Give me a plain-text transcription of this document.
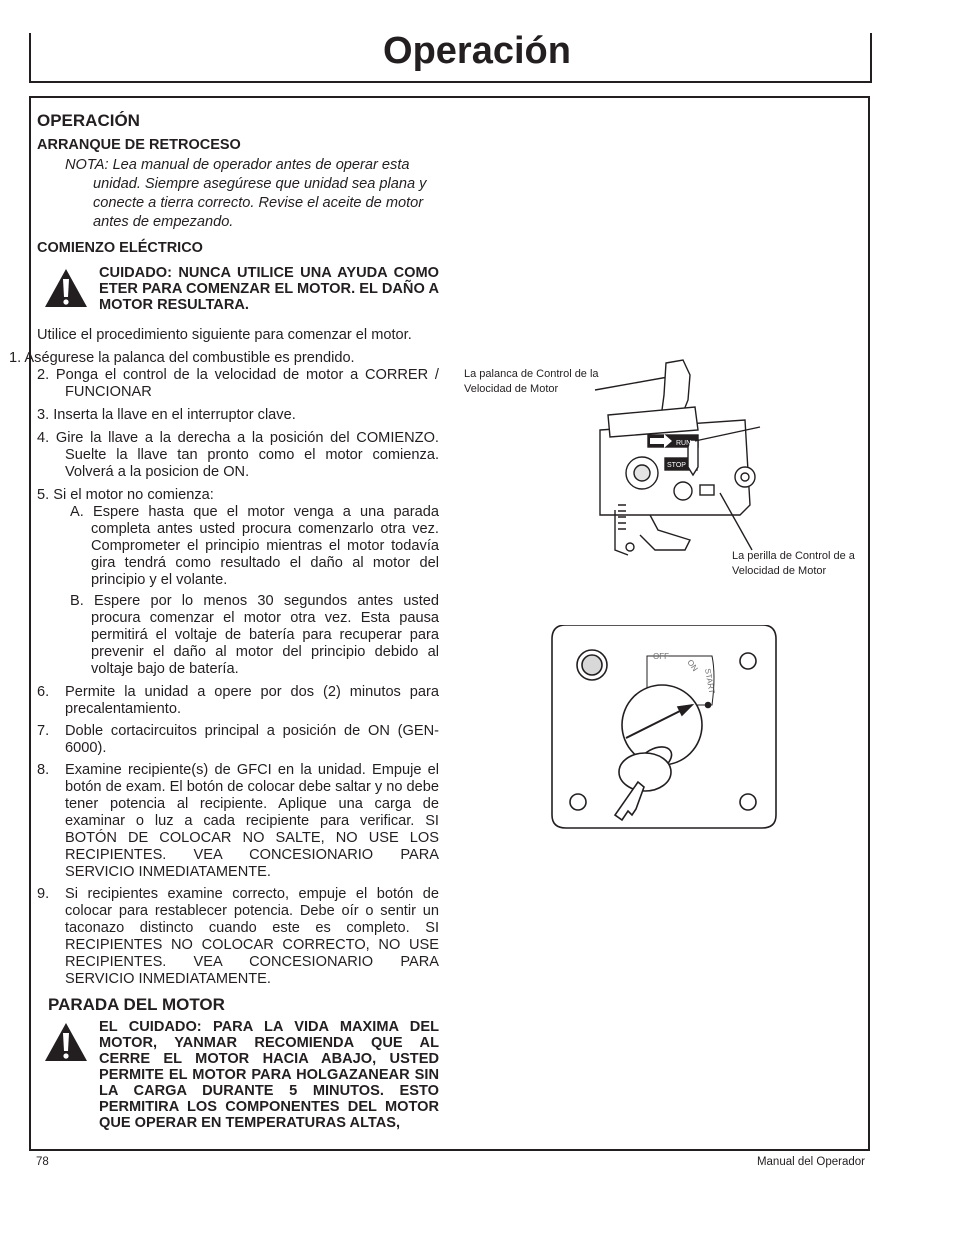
Operación
OPERACIÓN
ARRANQUE DE RETROCESO

NOTA: Lea manual de operador antes de operar esta unidad. Siempre asegúrese que unidad sea plana y conecte a tierra correcto. Revise el aceite de motor antes de empezando.

COMIENZO ELÉCTRICO
CUIDADO: NUNCA UTILICE UNA AYUDA COMO ETER PARA COMENZAR EL MOTOR. EL DAÑO A MOTOR RESULTARA.

Utilice el procedimiento siguiente para comenzar el motor.

1. Aségurese la palanca del combustible es prendido.

2. Ponga el control de la velocidad de motor a CORRER / FUNCIONAR

3. Inserta la llave en el interruptor clave.

4. Gire la llave a la derecha a la posición del COMIENZO. Suelte la llave tan pronto como el motor comienza. Volverá a la posicion de ON.

5. Si el motor no comienza:

A. Espere hasta que el motor venga a una parada completa antes usted procura comenzarlo otra vez. Comprometer el principio mientras el motor todavía gira tendrá como resultado el daño al motor del principio y el volante.

B. Espere por lo menos 30 segundos antes usted procura comenzar el motor otra vez. Esta pausa permitirá el voltaje de batería para recuperar para prevenir el daño al motor del principio debido al voltaje bajo de batería.

6.	Permite la unidad a opere por dos (2) minutos para precalentamiento.
7.	Doble cortacircuitos principal a posición de ON (GEN-6000).
8.	Examine recipiente(s) de GFCI en la unidad. Empuje el botón de exam. El botón de colocar debe saltar y no debe tener potencia al recipiente. Aplique una carga de examinar o luz a cada recipiente para verificar. SI BOTÓN DE COLOCAR NO SALTE, NO USE LOS RECIPIENTES. VEA CONCESIONARIO PARA SERVICIO INMEDIATAMENTE.
9.	Si recipientes examine correcto, empuje el botón de colocar para restablecer potencia. Debe oír o sentir un taconazo distincto cuando este es completo. SI RECIPIENTES NO COLOCAR CORRECTO, NO USE RECIPIENTES. VEA CONCESIONARIO PARA SERVICIO INMEDIATAMENTE.
PARADA DEL MOTOR
EL CUIDADO: PARA LA VIDA MAXIMA DEL MOTOR, YANMAR RECOMIENDA QUE AL CERRE EL MOTOR HACIA ABAJO, USTED PERMITE EL MOTOR PARA HOLGAZANEAR SIN LA CARGA DURANTE 5 MINUTOS. ESTO PERMITIRA LOS COMPONENTES DEL MOTOR QUE OPERAR EN TEMPERATURAS ALTAS,
La palanca de Control de la Velocidad de Motor
La perilla de Control de a Velocidad de Motor
RUN
STOP
OFF
ON
START
78	Manual del Operador
